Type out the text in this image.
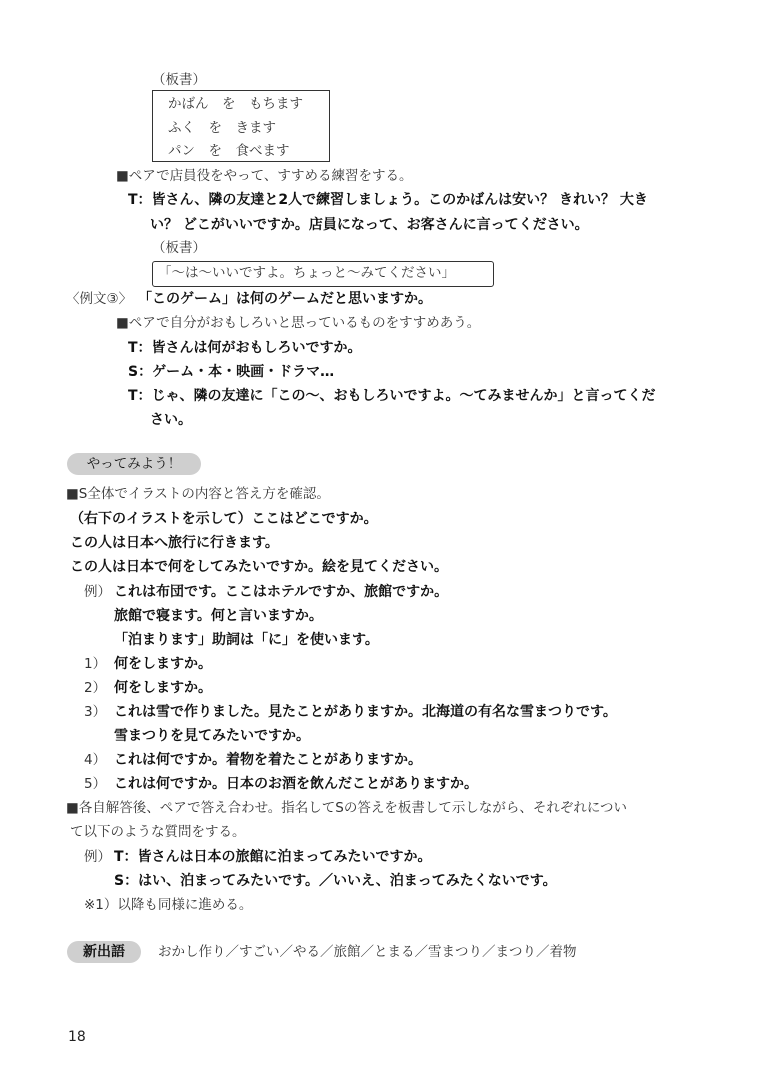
（板書）
かばん　を　もちます
ふく　を　きます
パン　を　食べます
■ペアで店員役をやって、すすめる練習をする。
T：皆さん、隣の友達と2人で練習しましょう。このかばんは安い？ きれい？ 大き
い？ どこがいいですか。店員になって、お客さんに言ってください。
（板書）
「〜は〜いいですよ。ちょっと〜みてください」
〈例文③〉 「このゲーム」は何のゲームだと思いますか。
■ペアで自分がおもしろいと思っているものをすすめあう。
T：皆さんは何がおもしろいですか。
S：ゲーム・本・映画・ドラマ…
T：じゃ、隣の友達に「この〜、おもしろいですよ。〜てみませんか」と言ってくだ
さい。
やってみよう！
■S全体でイラストの内容と答え方を確認。
（右下のイラストを示して）ここはどこですか。
この人は日本へ旅行に行きます。
この人は日本で何をしてみたいですか。絵を見てください。
例） これは布団です。ここはホテルですか、旅館ですか。
旅館で寝ます。何と言いますか。
「泊まります」助詞は「に」を使います。
1） 何をしますか。
2） 何をしますか。
3） これは雪で作りました。見たことがありますか。北海道の有名な雪まつりです。
雪まつりを見てみたいですか。
4） これは何ですか。着物を着たことがありますか。
5） これは何ですか。日本のお酒を飲んだことがありますか。
■各自解答後、ペアで答え合わせ。指名してSの答えを板書して示しながら、それぞれについ
て以下のような質問をする。
例） T：皆さんは日本の旅館に泊まってみたいですか。
S：はい、泊まってみたいです。／いいえ、泊まってみたくないです。
※1）以降も同様に進める。
新出語	おかし作り／すごい／やる／旅館／とまる／雪まつり／まつり／着物
18
